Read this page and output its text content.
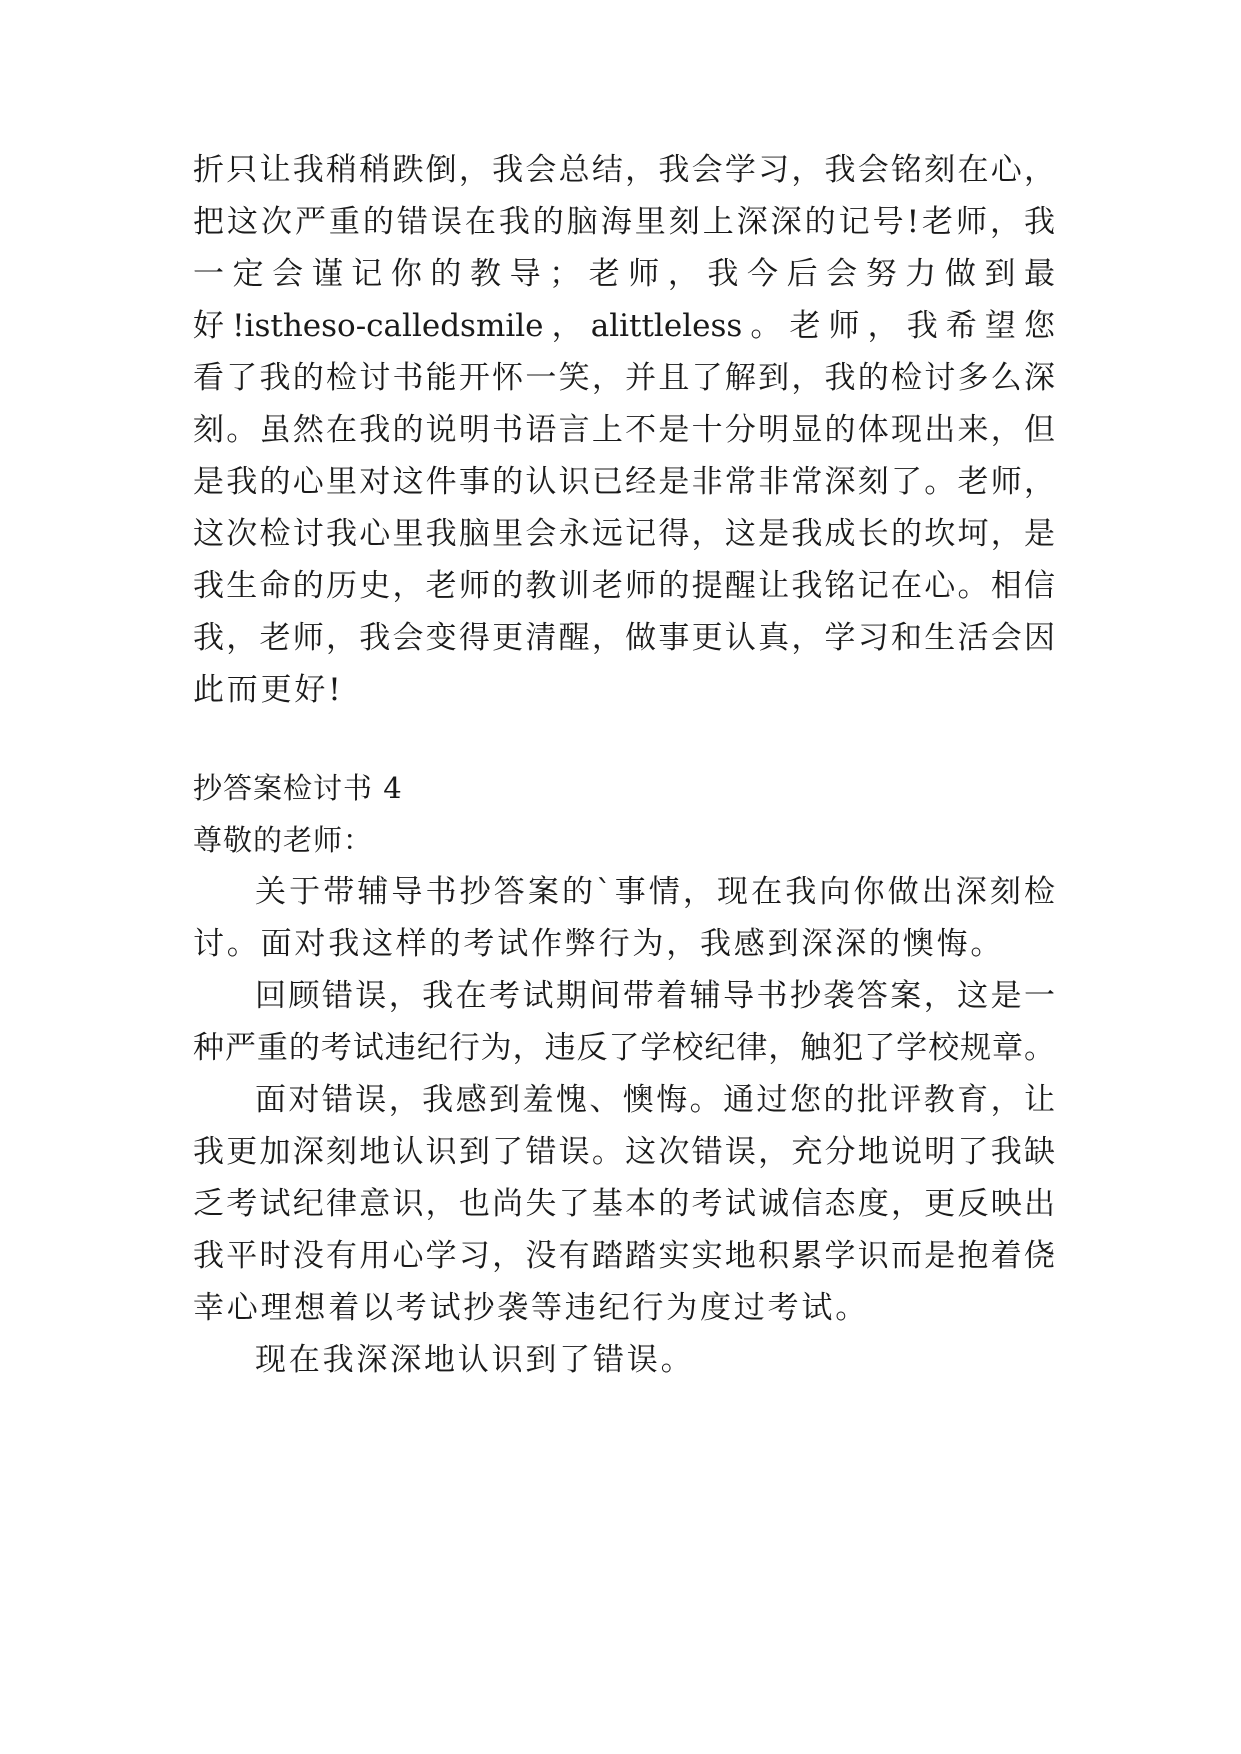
折只让我稍稍跌倒，我会总结，我会学习，我会铭刻在心，
把这次严重的错误在我的脑海里刻上深深的记号!老师，我
一定会谨记你的教导；老师，我今后会努力做到最
好!istheso-calledsmile，alittleless。老师，我希望您
看了我的检讨书能开怀一笑，并且了解到，我的检讨多么深
刻。虽然在我的说明书语言上不是十分明显的体现出来，但
是我的心里对这件事的认识已经是非常非常深刻了。老师，
这次检讨我心里我脑里会永远记得，这是我成长的坎坷，是
我生命的历史，老师的教训老师的提醒让我铭记在心。相信
我，老师，我会变得更清醒，做事更认真，学习和生活会因
此而更好!
抄答案检讨书 4
尊敬的老师：
关于带辅导书抄答案的`事情，现在我向你做出深刻检
讨。面对我这样的考试作弊行为，我感到深深的懊悔。
回顾错误，我在考试期间带着辅导书抄袭答案，这是一
种严重的考试违纪行为，违反了学校纪律，触犯了学校规章。
面对错误，我感到羞愧、懊悔。通过您的批评教育，让
我更加深刻地认识到了错误。这次错误，充分地说明了我缺
乏考试纪律意识，也尚失了基本的考试诚信态度，更反映出
我平时没有用心学习，没有踏踏实实地积累学识而是抱着侥
幸心理想着以考试抄袭等违纪行为度过考试。
现在我深深地认识到了错误。
